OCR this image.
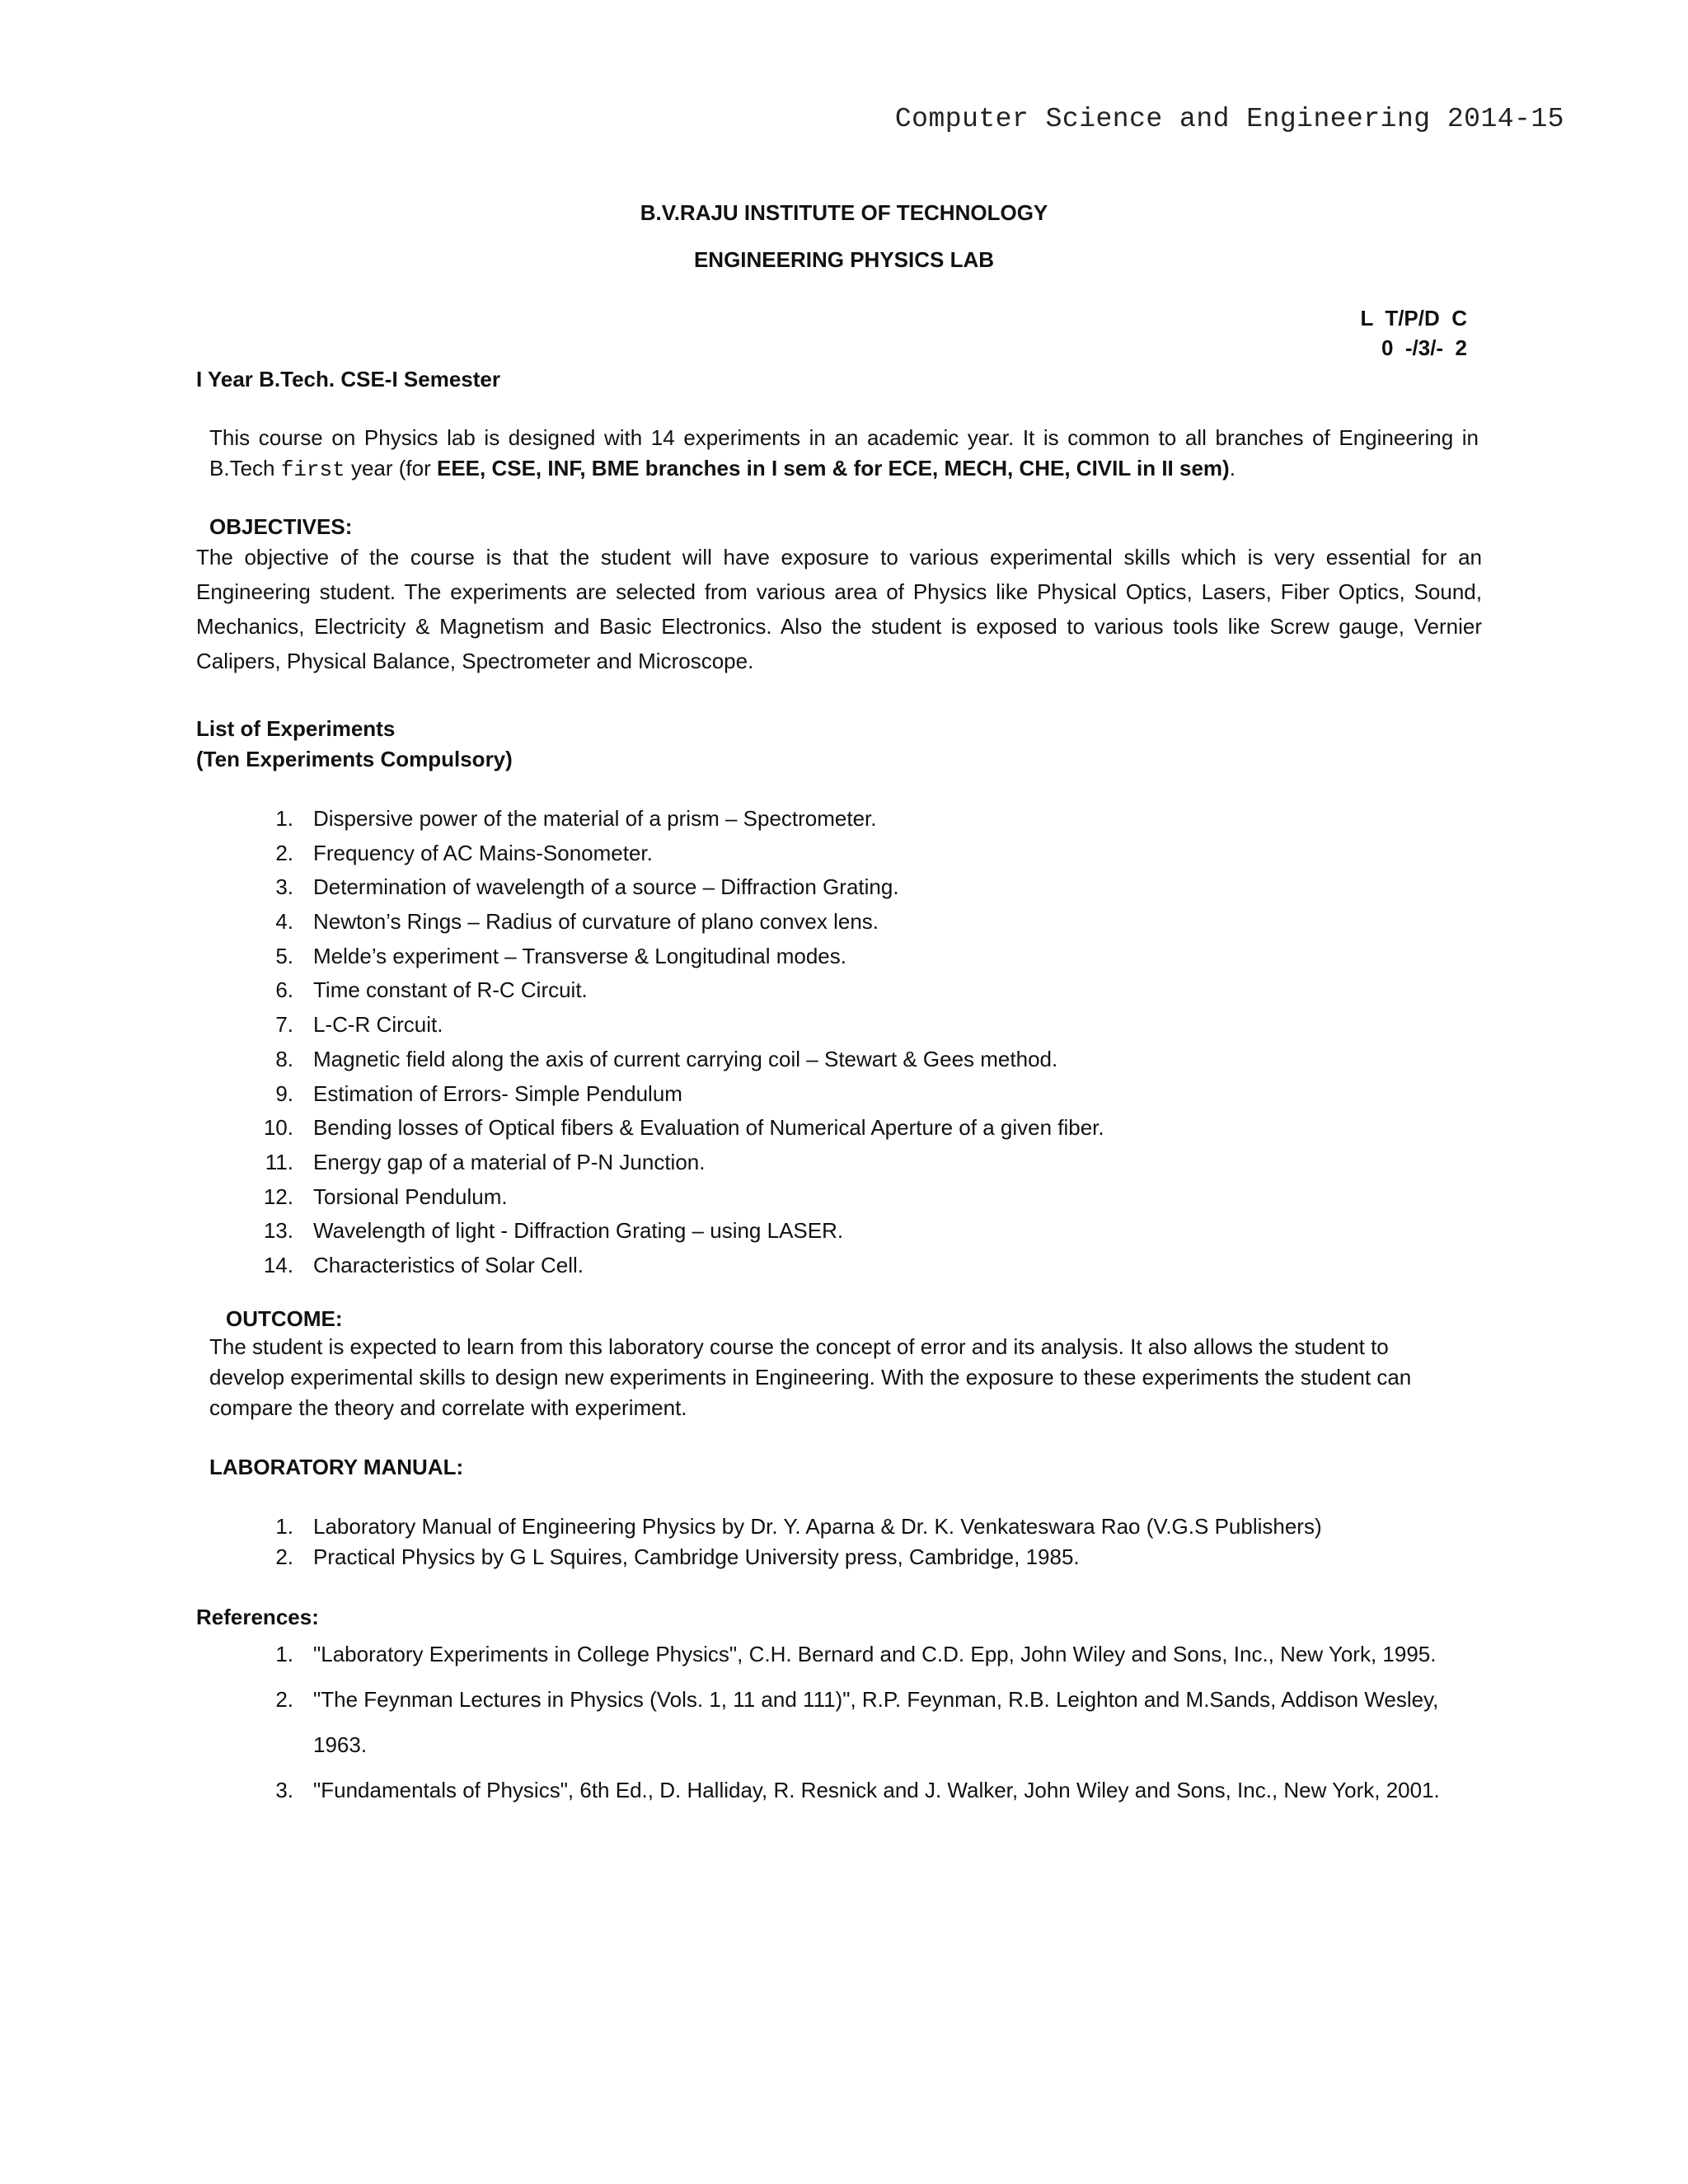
Computer Science and Engineering 2014-15
B.V.RAJU INSTITUTE OF TECHNOLOGY
ENGINEERING PHYSICS LAB
L  T/P/D  C
0  -/3/-  2
I Year B.Tech. CSE-I Semester
This course on Physics lab is designed with 14 experiments in an academic year. It is common to all branches of Engineering in B.Tech first year (for EEE, CSE, INF, BME branches in I sem & for ECE, MECH, CHE, CIVIL in II sem).
OBJECTIVES:
The objective of the course is that the student will have exposure to various experimental skills which is very essential for an Engineering student. The experiments are selected from various area of Physics like Physical Optics, Lasers, Fiber Optics, Sound, Mechanics, Electricity & Magnetism and Basic Electronics. Also the student is exposed to various tools like Screw gauge, Vernier Calipers, Physical Balance, Spectrometer and Microscope.
List of Experiments
(Ten Experiments Compulsory)
1. Dispersive power of the material of a prism – Spectrometer.
2. Frequency of AC Mains-Sonometer.
3. Determination of wavelength of a source – Diffraction Grating.
4. Newton’s Rings – Radius of curvature of plano convex lens.
5. Melde’s experiment – Transverse & Longitudinal modes.
6. Time constant of R-C Circuit.
7. L-C-R Circuit.
8. Magnetic field along the axis of current carrying coil – Stewart & Gees method.
9. Estimation of Errors- Simple Pendulum
10. Bending losses of Optical fibers & Evaluation of Numerical Aperture of a given fiber.
11. Energy gap of a material of P-N Junction.
12. Torsional Pendulum.
13. Wavelength of light - Diffraction Grating – using LASER.
14. Characteristics of Solar Cell.
OUTCOME:
The student is expected to learn from this laboratory course the concept of error and its analysis. It also allows the student to develop experimental skills to design new experiments in Engineering. With the exposure to these experiments the student can compare the theory and correlate with experiment.
LABORATORY MANUAL:
1. Laboratory Manual of Engineering Physics by Dr. Y. Aparna & Dr. K. Venkateswara Rao (V.G.S Publishers)
2. Practical Physics by G L Squires, Cambridge University press, Cambridge, 1985.
References:
1. "Laboratory Experiments in College Physics", C.H. Bernard and C.D. Epp, John Wiley and Sons, Inc., New York, 1995.
2. "The Feynman Lectures in Physics (Vols. 1, 11 and 111)", R.P. Feynman, R.B. Leighton and M.Sands, Addison Wesley, 1963.
3. "Fundamentals of Physics", 6th Ed., D. Halliday, R. Resnick and J. Walker, John Wiley and Sons, Inc., New York, 2001.
